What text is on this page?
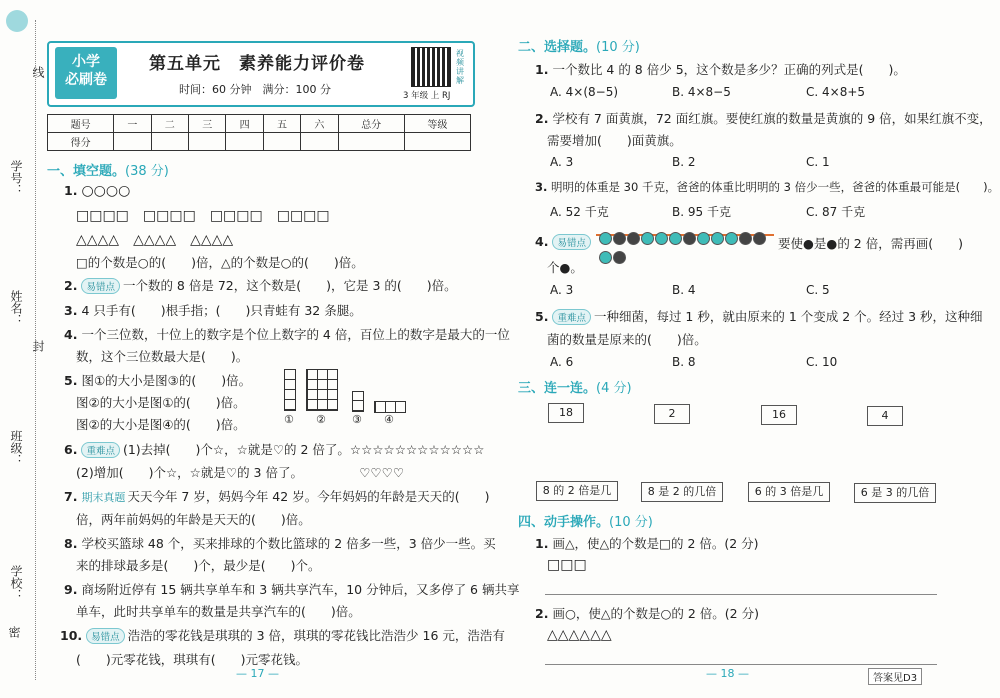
学号：
线
姓名：
封
班级：
学校：
密
小学
必刷卷
第五单元　素养能力评价卷
时间：60 分钟　满分：100 分
视频讲解
3 年级 上 RJ
题号	一	二	三	四	五	六	总分	等级
得分								
一、填空题。(38 分)
1. ○○○○
□□□□　□□□□　□□□□　□□□□
△△△△　△△△△　△△△△
□的个数是○的(　　)倍，△的个数是○的(　　)倍。
2. 易错点 一个数的 8 倍是 72，这个数是(　　)，它是 3 的(　　)倍。
3. 4 只手有(　　)根手指；(　　)只青蛙有 32 条腿。
4. 一个三位数，十位上的数字是个位上数字的 4 倍，百位上的数字是最大的一位
数，这个三位数最大是(　　)。
5. 图①的大小是图③的(　　)倍。
图②的大小是图①的(　　)倍。
图②的大小是图④的(　　)倍。	① ② ③ ④
6. 重难点 (1)去掉(　　)个☆，☆就是♡的 2 倍了。☆☆☆☆☆☆☆☆☆☆☆☆
(2)增加(　　)个☆，☆就是♡的 3 倍了。　　　　　♡♡♡♡
7. 期末真题 天天今年 7 岁，妈妈今年 42 岁。今年妈妈的年龄是天天的(　　)
倍，两年前妈妈的年龄是天天的(　　)倍。
8. 学校买篮球 48 个，买来排球的个数比篮球的 2 倍多一些，3 倍少一些。买
来的排球最多是(　　)个，最少是(　　)个。
9. 商场附近停有 15 辆共享单车和 3 辆共享汽车，10 分钟后，又多停了 6 辆共享
单车，此时共享单车的数量是共享汽车的(　　)倍。
10. 易错点 浩浩的零花钱是琪琪的 3 倍，琪琪的零花钱比浩浩少 16 元，浩浩有
(　　)元零花钱，琪琪有(　　)元零花钱。
— 17 —
二、选择题。(10 分)
1. 一个数比 4 的 8 倍少 5，这个数是多少？正确的列式是(　　)。
A. 4×(8−5)	B. 4×8−5	C. 4×8+5
2. 学校有 7 面黄旗，72 面红旗。要使红旗的数量是黄旗的 9 倍，如果红旗不变，
需要增加(　　)面黄旗。
A. 3	B. 2	C. 1
3. 明明的体重是 30 千克，爸爸的体重比明明的 3 倍少一些，爸爸的体重最可能是(　　)。
A. 52 千克	B. 95 千克	C. 87 千克
4. 易错点	要使●是●的 2 倍，需再画(　　)
个●。
A. 3	B. 4	C. 5
5. 重难点 一种细菌，每过 1 秒，就由原来的 1 个变成 2 个。经过 3 秒，这种细
菌的数量是原来的(　　)倍。
A. 6	B. 8	C. 10
三、连一连。(4 分)
18	2	16	4
8 的 2 倍是几	8 是 2 的几倍	6 的 3 倍是几	6 是 3 的几倍
四、动手操作。(10 分)
1. 画△，使△的个数是□的 2 倍。(2 分)
□□□
2. 画○，使△的个数是○的 2 倍。(2 分)
△△△△△△
— 18 —	答案见D3
